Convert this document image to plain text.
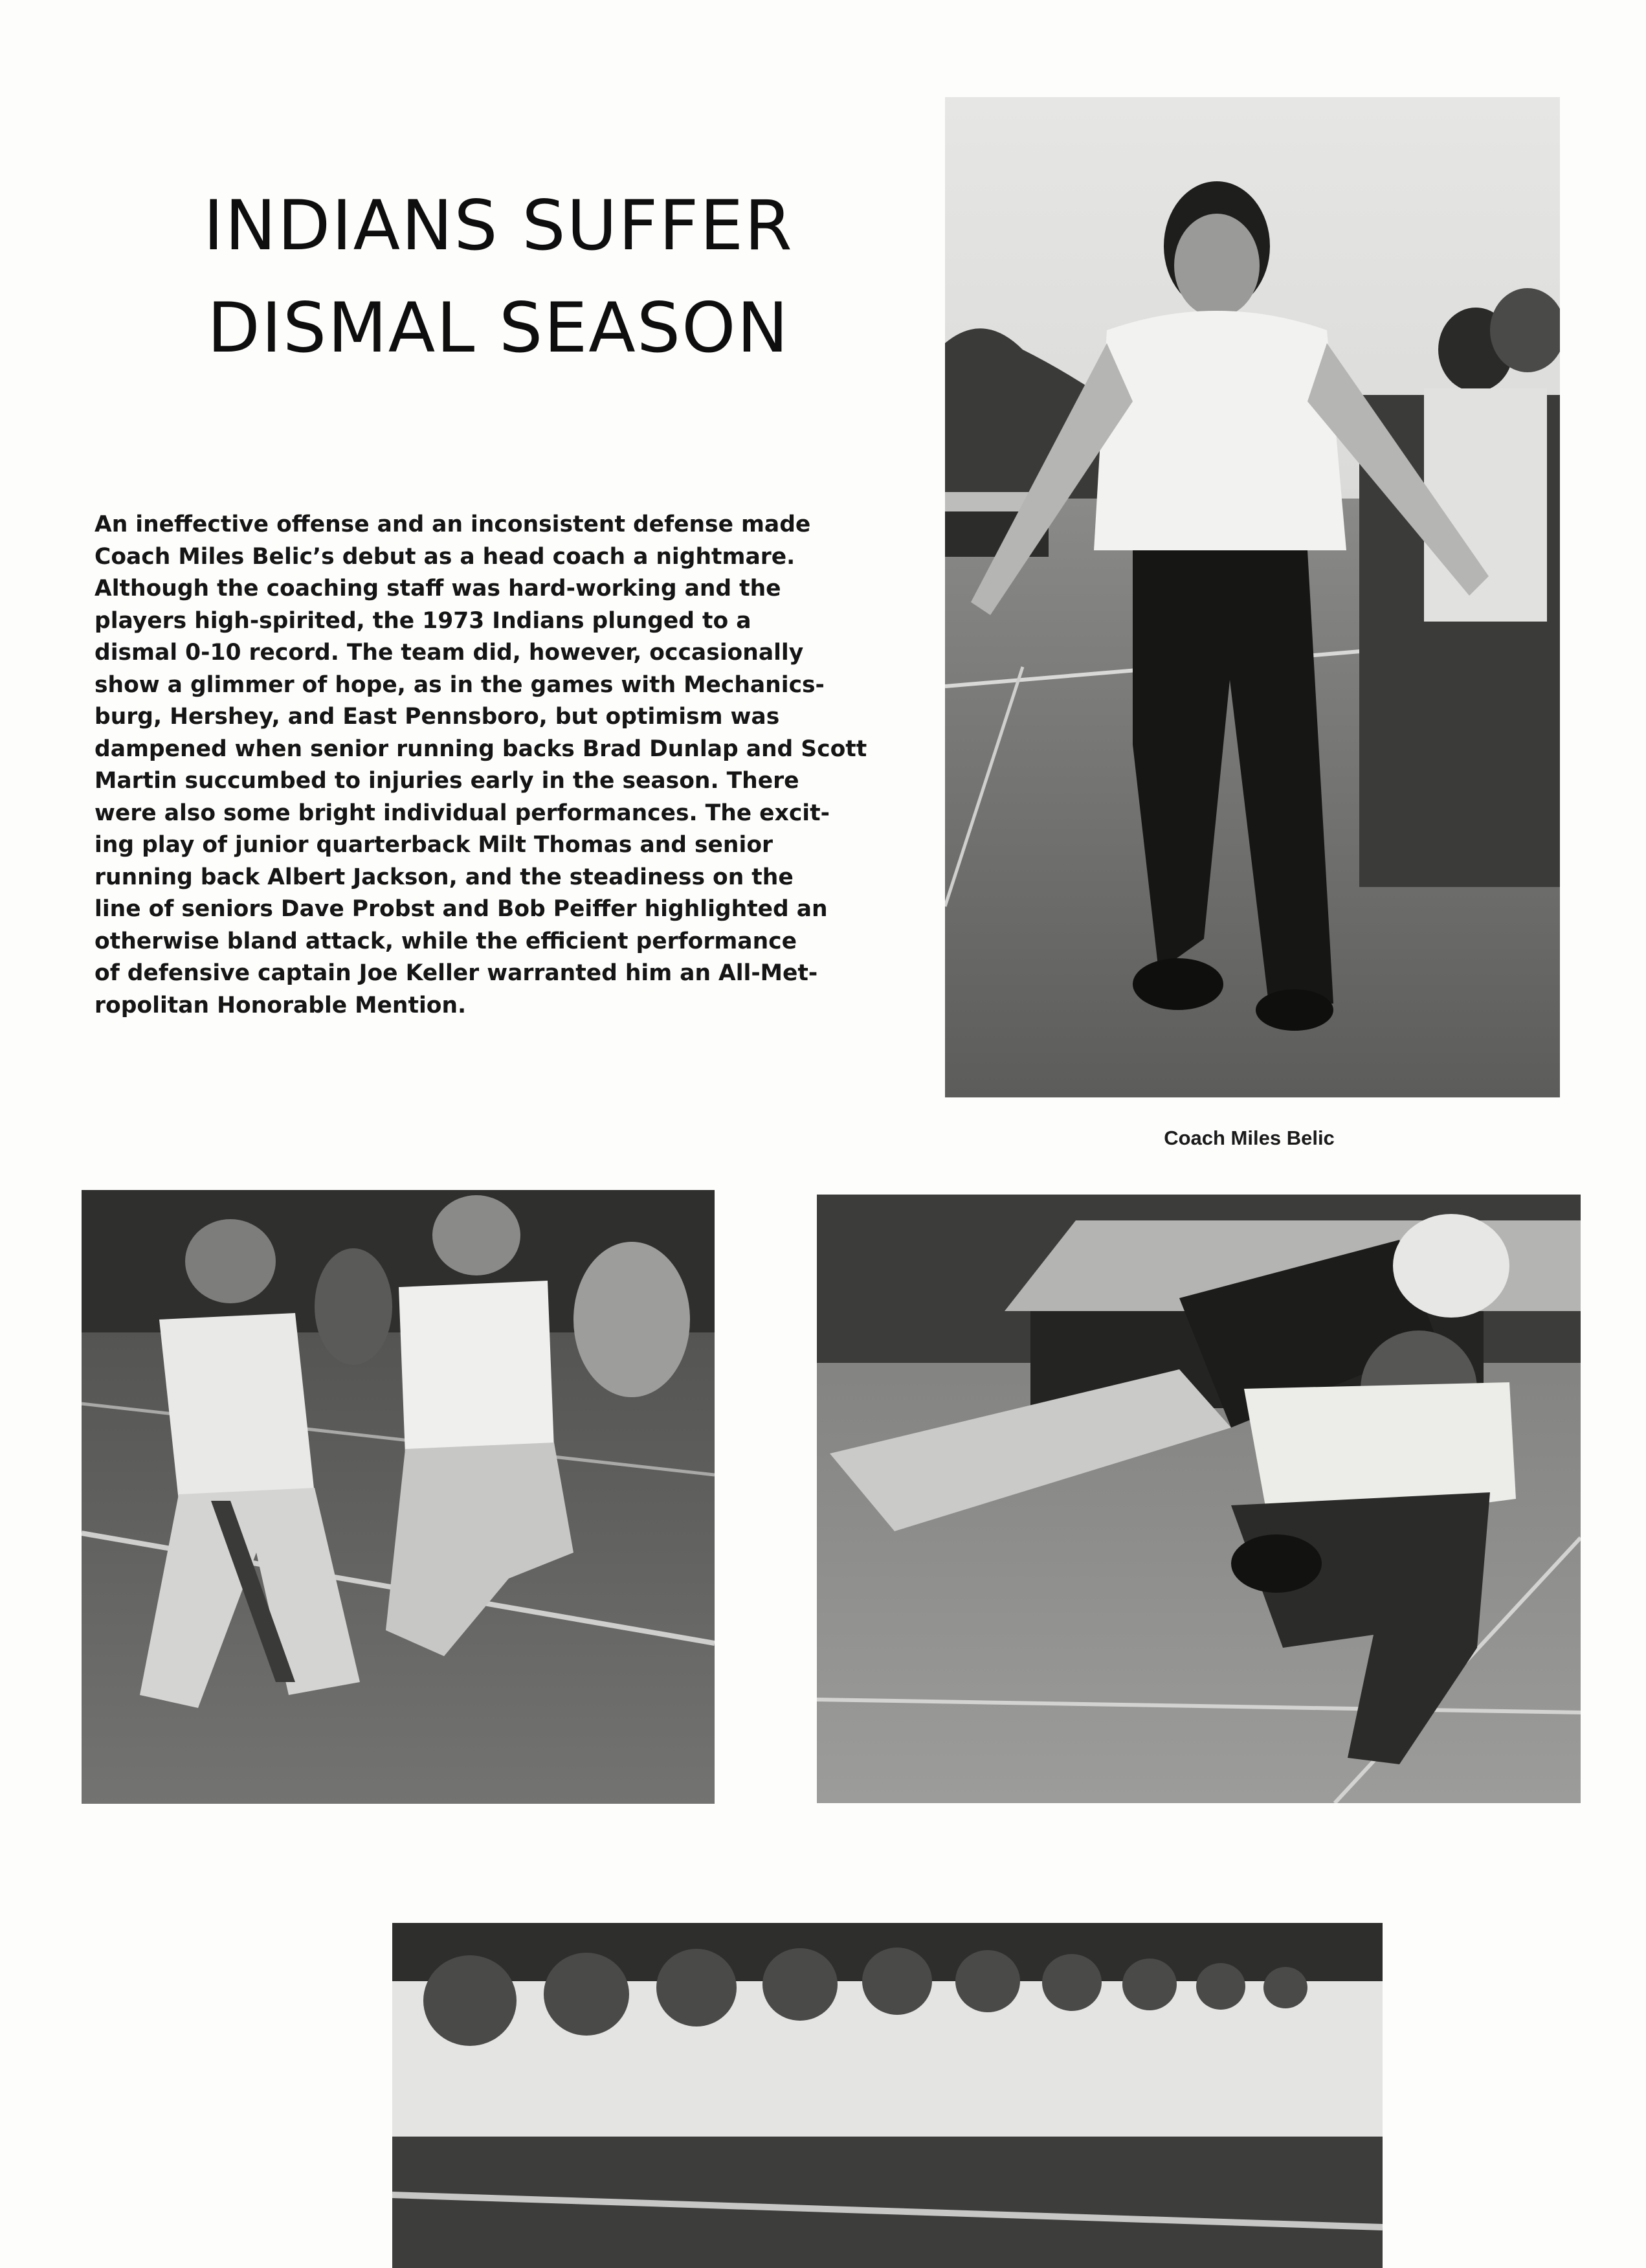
INDIANS SUFFER
DISMAL SEASON
An ineffective offense and an inconsistent defense made
Coach Miles Belic’s debut as a head coach a nightmare.
Although the coaching staff was hard-working and the
players high-spirited, the 1973 Indians plunged to a
dismal 0-10 record. The team did, however, occasionally
show a glimmer of hope, as in the games with Mechanics-
burg, Hershey, and East Pennsboro, but optimism was
dampened when senior running backs Brad Dunlap and Scott
Martin succumbed to injuries early in the season. There
were also some bright individual performances. The excit-
ing play of junior quarterback Milt Thomas and senior
running back Albert Jackson, and the steadiness on the
line of seniors Dave Probst and Bob Peiffer highlighted an
otherwise bland attack, while the efficient performance
of defensive captain Joe Keller warranted him an All-Met-
ropolitan Honorable Mention.
Coach Miles Belic
